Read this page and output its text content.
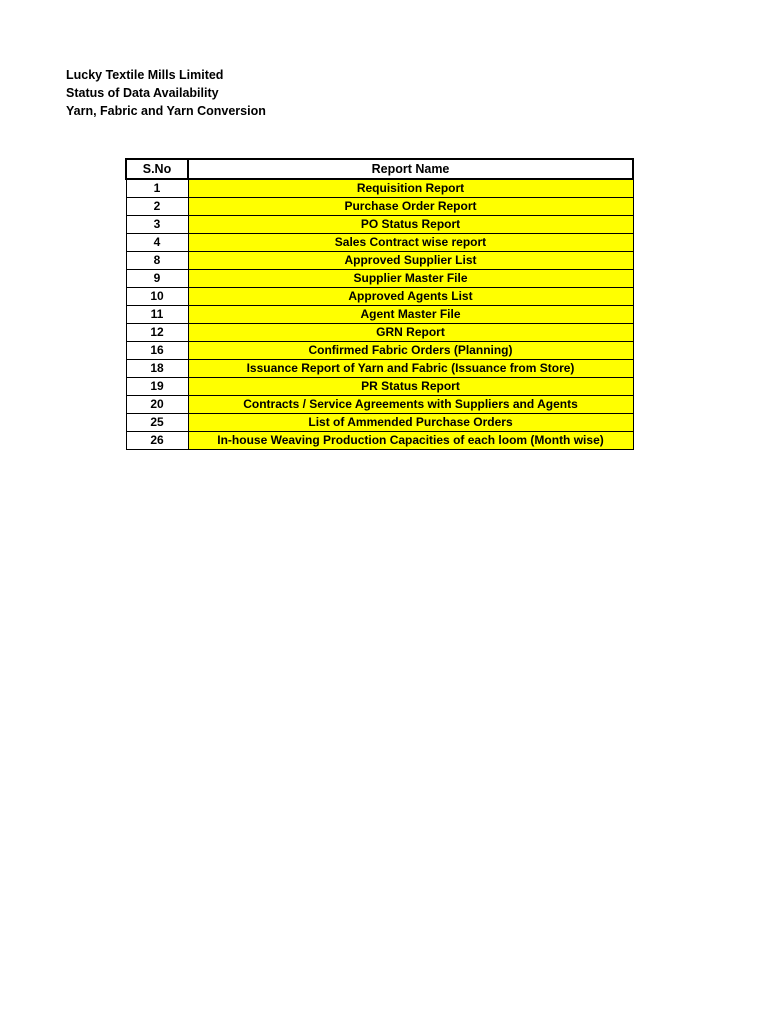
Lucky Textile Mills Limited
Status of Data Availability
Yarn, Fabric and Yarn Conversion
S.No	Report Name
1	Requisition Report
2	Purchase Order Report
3	PO Status Report
4	Sales Contract wise report
8	Approved Supplier List
9	Supplier Master File
10	Approved Agents List
11	Agent Master File
12	GRN Report
16	Confirmed Fabric Orders (Planning)
18	Issuance Report of Yarn and Fabric (Issuance from Store)
19	PR Status Report
20	Contracts / Service Agreements with Suppliers and Agents
25	List of Ammended Purchase Orders
26	In-house Weaving Production Capacities of each loom (Month wise)
